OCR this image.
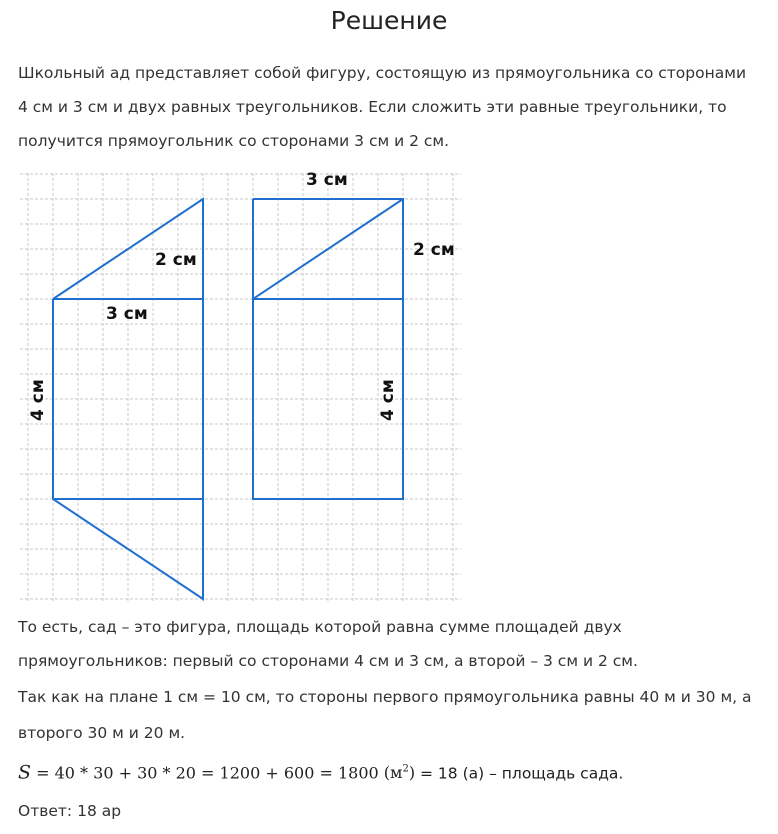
Решение
Школьный ад представляет собой фигуру, состоящую из прямоугольника со сторонами
4 см и 3 см и двух равных треугольников. Если сложить эти равные треугольники, то
получится прямоугольник со сторонами 3 см и 2 см.
2 см
3 см
4 см
3 см
2 см
4 см
То есть, сад – это фигура, площадь которой равна сумме площадей двух
прямоугольников: первый со сторонами 4 см и 3 см, а второй – 3 см и 2 см.
Так как на плане 1 см = 10 см, то стороны первого прямоугольника равны 40 м и 30 м, а
второго 30 м и 20 м.
S = 40 * 30 + 30 * 20 = 1200 + 600 = 1800 $(м^2) = 18$ (а) – площадь сада.
Ответ: 18 ар
